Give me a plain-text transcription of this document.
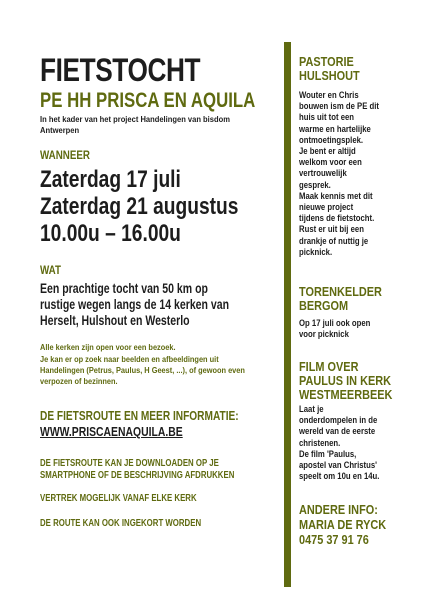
FIETSTOCHT
PE HH PRISCA EN AQUILA
In het kader van het project Handelingen van bisdom
Antwerpen
WANNEER
Zaterdag 17 juli
Zaterdag 21 augustus
10.00u – 16.00u
WAT
Een prachtige tocht van 50 km op
rustige wegen langs de 14 kerken van
Herselt, Hulshout en Westerlo
Alle kerken zijn open voor een bezoek.
Je kan er op zoek naar beelden en afbeeldingen uit
Handelingen (Petrus, Paulus, H Geest, ...), of gewoon even
verpozen of bezinnen.
DE FIETSROUTE EN MEER INFORMATIE:
WWW.PRISCAENAQUILA.BE
DE FIETSROUTE KAN JE DOWNLOADEN OP JE
SMARTPHONE OF DE BESCHRIJVING AFDRUKKEN
VERTREK MOGELIJK VANAF ELKE KERK
DE ROUTE KAN OOK INGEKORT WORDEN
PASTORIE
HULSHOUT
Wouter en Chris
bouwen ism de PE dit
huis uit tot een
warme en hartelijke
ontmoetingsplek.
Je bent er altijd
welkom voor een
vertrouwelijk
gesprek.
Maak kennis met dit
nieuwe project
tijdens de fietstocht.
Rust er uit bij een
drankje of nuttig je
picknick.
TORENKELDER
BERGOM
Op 17 juli ook open
voor picknick
FILM OVER
PAULUS IN KERK
WESTMEERBEEK
Laat je
onderdompelen in de
wereld van de eerste
christenen.
De film 'Paulus,
apostel van Christus'
speelt om 10u en 14u.
ANDERE INFO:
MARIA DE RYCK
0475 37 91 76
